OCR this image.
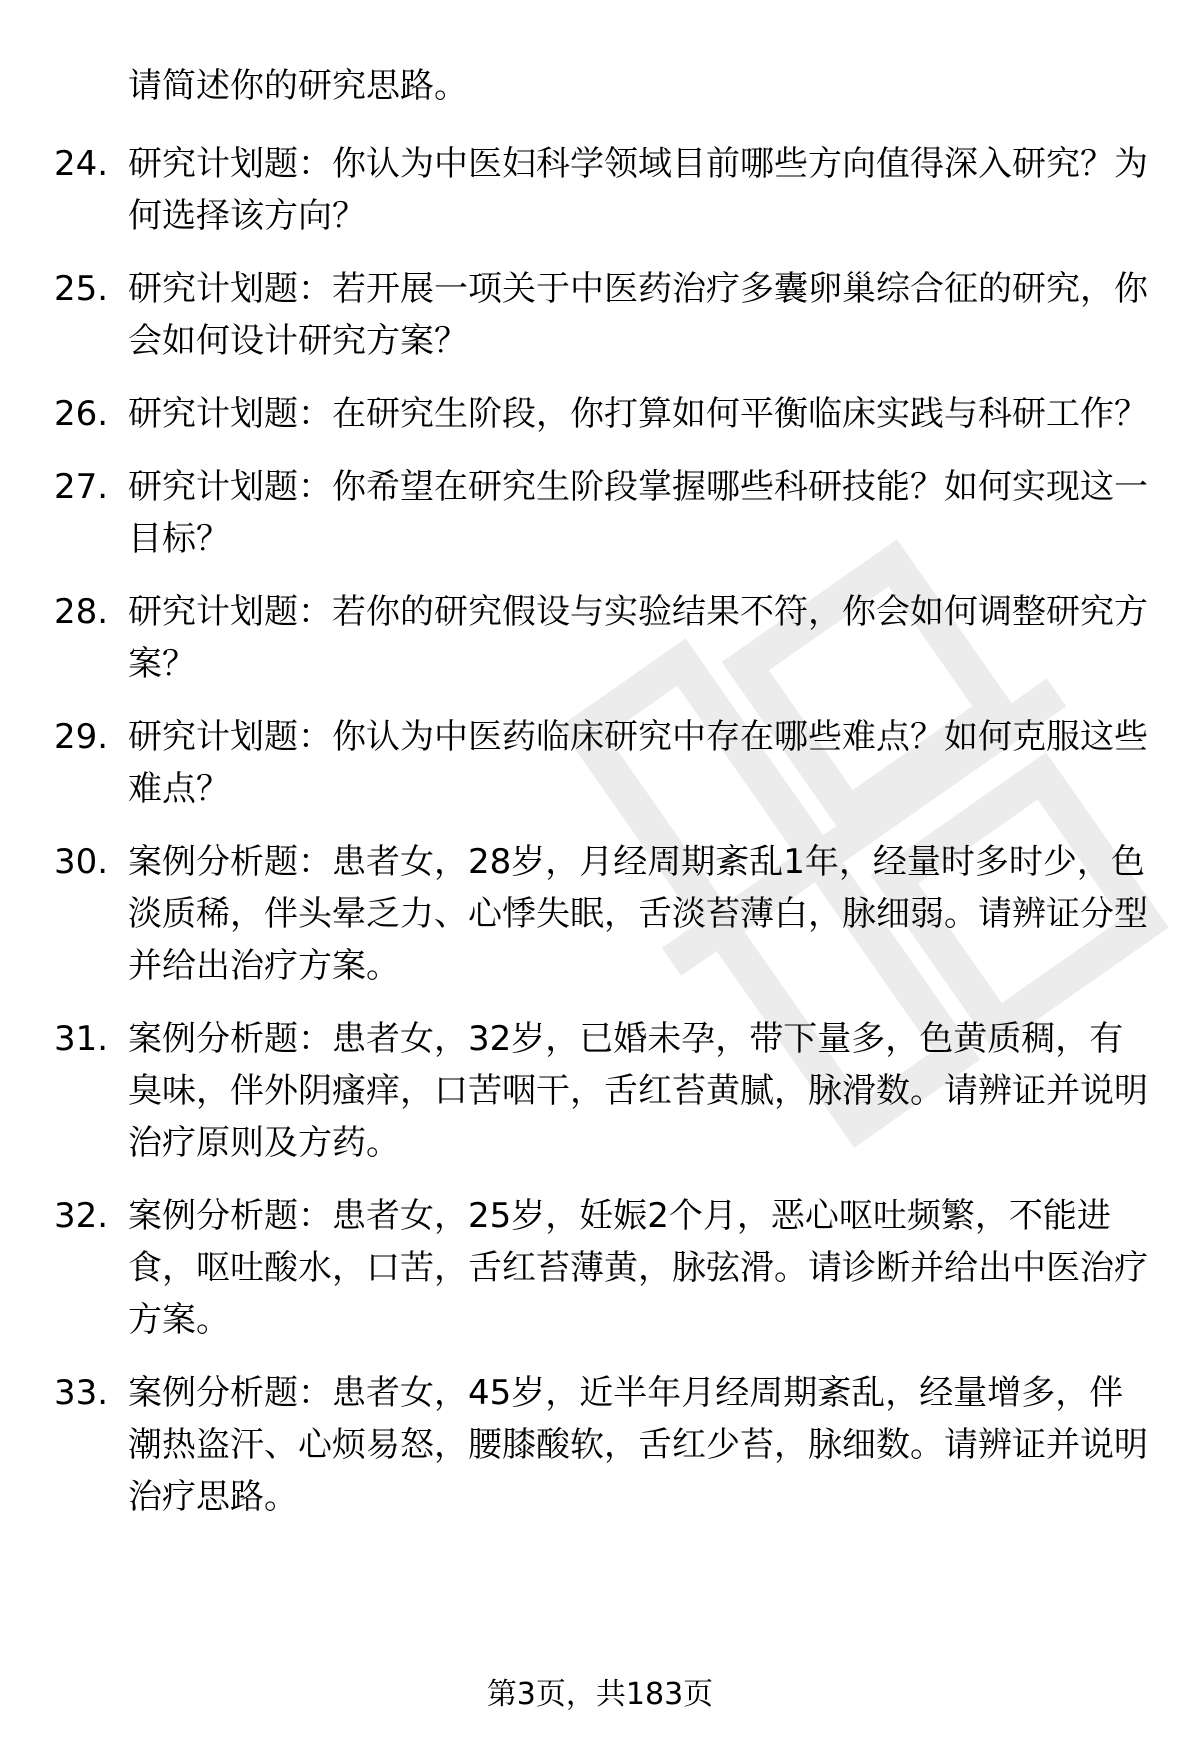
请简述你的研究思路。
24. 研究计划题：你认为中医妇科学领域目前哪些方向值得深入研究？为何选择该方向？
25. 研究计划题：若开展一项关于中医药治疗多囊卵巢综合征的研究，你会如何设计研究方案？
26. 研究计划题：在研究生阶段，你打算如何平衡临床实践与科研工作？
27. 研究计划题：你希望在研究生阶段掌握哪些科研技能？如何实现这一目标？
28. 研究计划题：若你的研究假设与实验结果不符，你会如何调整研究方案？
29. 研究计划题：你认为中医药临床研究中存在哪些难点？如何克服这些难点？
30. 案例分析题：患者女，28岁，月经周期紊乱1年，经量时多时少，色淡质稀，伴头晕乏力、心悸失眠，舌淡苔薄白，脉细弱。请辨证分型并给出治疗方案。
31. 案例分析题：患者女，32岁，已婚未孕，带下量多，色黄质稠，有臭味，伴外阴瘙痒，口苦咽干，舌红苔黄腻，脉滑数。请辨证并说明治疗原则及方药。
32. 案例分析题：患者女，25岁，妊娠2个月，恶心呕吐频繁，不能进食，呕吐酸水，口苦，舌红苔薄黄，脉弦滑。请诊断并给出中医治疗方案。
33. 案例分析题：患者女，45岁，近半年月经周期紊乱，经量增多，伴潮热盗汗、心烦易怒，腰膝酸软，舌红少苔，脉细数。请辨证并说明治疗思路。
第3页，共183页
